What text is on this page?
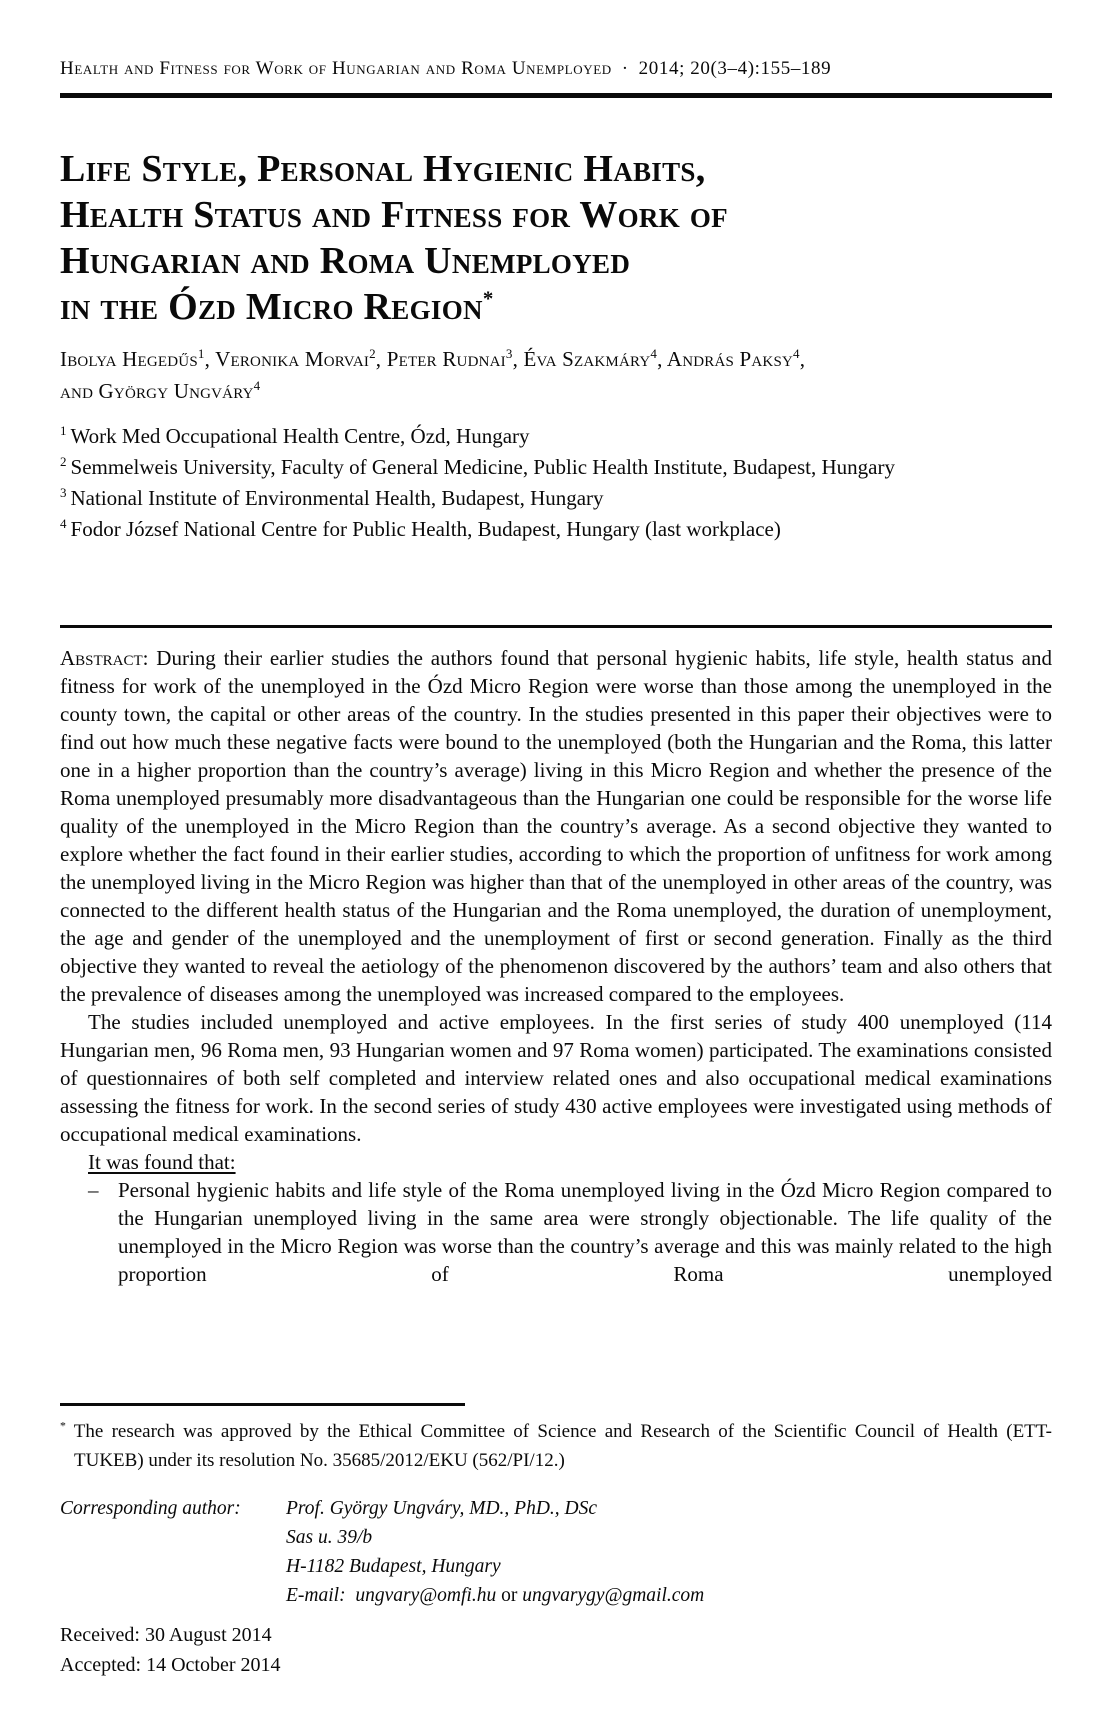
Health and Fitness for Work of Hungarian and Roma Unemployed · 2014; 20(3–4):155–189
Life Style, Personal Hygienic Habits,
Health Status and Fitness for Work of
Hungarian and Roma Unemployed
in the Ózd Micro Region*
Ibolya Hegedűs$^1$, Veronika Morvai$^2$, Peter Rudnai$^3$, Éva Szakmáry$^4$, András Paksy$^4$,
and György Ungváry$^4$
$^1$ Work Med Occupational Health Centre, Ózd, Hungary
$^2$ Semmelweis University, Faculty of General Medicine, Public Health Institute, Budapest, Hungary
$^3$ National Institute of Environmental Health, Budapest, Hungary
$^4$ Fodor József National Centre for Public Health, Budapest, Hungary (last workplace)

Abstract: During their earlier studies the authors found that personal hygienic habits, life style, health status and fitness for work of the unemployed in the Ózd Micro Region were worse than those among the unemployed in the county town, the capital or other areas of the country. In the studies presented in this paper their objectives were to find out how much these negative facts were bound to the unemployed (both the Hungarian and the Roma, this latter one in a higher proportion than the country’s average) living in this Micro Region and whether the presence of the Roma unemployed presumably more disadvantageous than the Hungarian one could be responsible for the worse life quality of the unemployed in the Micro Region than the country’s average. As a second objective they wanted to explore whether the fact found in their earlier studies, according to which the proportion of unfitness for work among the unemployed living in the Micro Region was higher than that of the unemployed in other areas of the country, was connected to the different health status of the Hungarian and the Roma unemployed, the duration of unemployment, the age and gender of the unemployed and the unemployment of first or second generation. Finally as the third objective they wanted to reveal the aetiology of the phenomenon discovered by the authors’ team and also others that the prevalence of diseases among the unemployed was increased compared to the employees.

The studies included unemployed and active employees. In the first series of study 400 unemployed (114 Hungarian men, 96 Roma men, 93 Hungarian women and 97 Roma women) participated. The examinations consisted of questionnaires of both self completed and interview related ones and also occupational medical examinations assessing the fitness for work. In the second series of study 430 active employees were investigated using methods of occupational medical examinations.

It was found that:

– Personal hygienic habits and life style of the Roma unemployed living in the Ózd Micro Region compared to the Hungarian unemployed living in the same area were strongly objectionable. The life quality of the unemployed in the Micro Region was worse than the country’s average and this was mainly related to the high proportion of Roma unemployed

* The research was approved by the Ethical Committee of Science and Research of the Scientific Council of Health (ETT-TUKEB) under its resolution No. 35685/2012/EKU (562/PI/12.)

Corresponding author: Prof. György Ungváry, MD., PhD., DSc
Sas u. 39/b
H-1182 Budapest, Hungary
E-mail: ungvary@omfi.hu or ungvarygy@gmail.com
Received: 30 August 2014
Accepted: 14 October 2014
